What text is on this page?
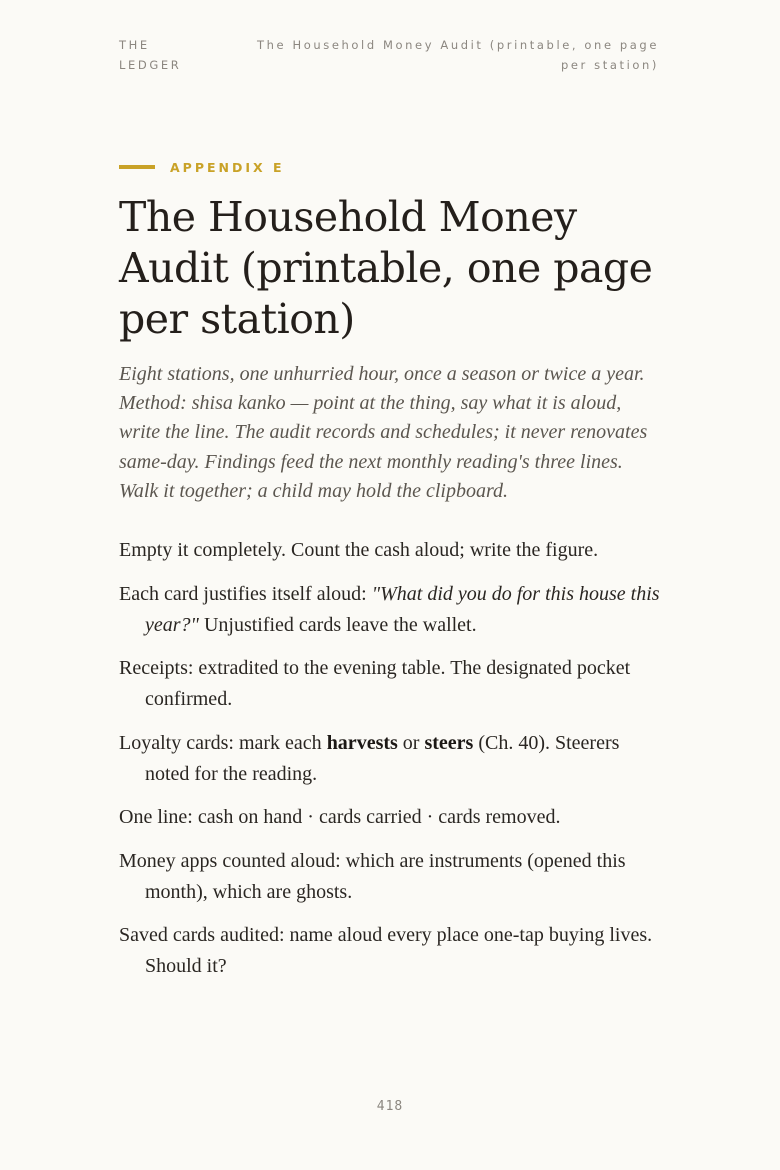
THE LEDGER
The Household Money Audit (printable, one page per station)
APPENDIX E
The Household Money Audit (printable, one page per station)

Eight stations, one unhurried hour, once a season or twice a year. Method: shisa kanko — point at the thing, say what it is aloud, write the line. The audit records and schedules; it never renovates same-day. Findings feed the next monthly reading's three lines. Walk it together; a child may hold the clipboard.

Empty it completely. Count the cash aloud; write the figure.
Each card justifies itself aloud: "What did you do for this house this year?" Unjustified cards leave the wallet.
Receipts: extradited to the evening table. The designated pocket confirmed.
Loyalty cards: mark each harvests or steers (Ch. 40). Steerers noted for the reading.
One line: cash on hand · cards carried · cards removed.
Money apps counted aloud: which are instruments (opened this month), which are ghosts.
Saved cards audited: name aloud every place one-tap buying lives. Should it?
418
